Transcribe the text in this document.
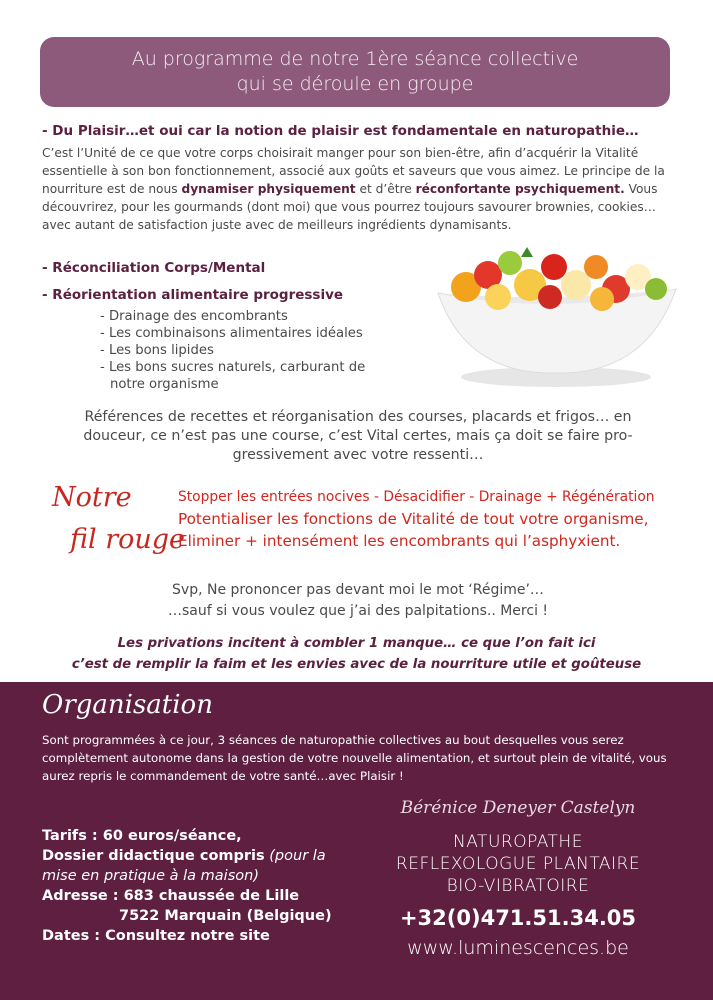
Au programme de notre 1ère séance collective
qui se déroule en groupe
- Du Plaisir…et oui car la notion de plaisir est fondamentale en naturopathie…
C’est l’Unité de ce que votre corps choisirait manger pour son bien-être, afin d’acquérir la Vitalité essentielle à son bon fonctionnement, associé aux goûts et saveurs que vous aimez. Le principe de la nourriture est de nous dynamiser physiquement et d’être réconfortante psychiquement. Vous découvrirez, pour les gourmands (dont moi) que vous pourrez toujours savourer brownies, cookies… avec autant de satisfaction juste avec de meilleurs ingrédients dynamisants.
- Réconciliation Corps/Mental
- Réorientation alimentaire progressive
- Drainage des encombrants
- Les combinaisons alimentaires idéales
- Les bons lipides
- Les bons sucres naturels, carburant de
notre organisme
Références de recettes et réorganisation des courses, placards et frigos… en
douceur, ce n’est pas une course, c’est Vital certes, mais ça doit se faire pro-
gressivement avec votre ressenti…
Notre
fil rouge
Stopper les entrées nocives - Désacidifier - Drainage + Régénération
Potentialiser les fonctions de Vitalité de tout votre organisme,
Eliminer + intensément les encombrants qui l’asphyxient.
Svp, Ne prononcer pas devant moi le mot ‘Régime’…
…sauf si vous voulez que j’ai des palpitations.. Merci !
Les privations incitent à combler 1 manque… ce que l’on fait ici
c’est de remplir la faim et les envies avec de la nourriture utile et goûteuse
Organisation
Sont programmées à ce jour, 3 séances de naturopathie collectives au bout desquelles vous serez complètement autonome dans la gestion de votre nouvelle alimentation, et surtout plein de vitalité, vous aurez repris le commandement de votre santé…avec Plaisir !
Tarifs : 60 euros/séance,
Dossier didactique compris (pour la
mise en pratique à la maison)
Adresse : 683 chaussée de Lille
7522 Marquain (Belgique)
Dates : Consultez notre site
Bérénice Deneyer Castelyn
NATUROPATHE
REFLEXOLOGUE PLANTAIRE
BIO-VIBRATOIRE
+32(0)471.51.34.05
www.luminescences.be
